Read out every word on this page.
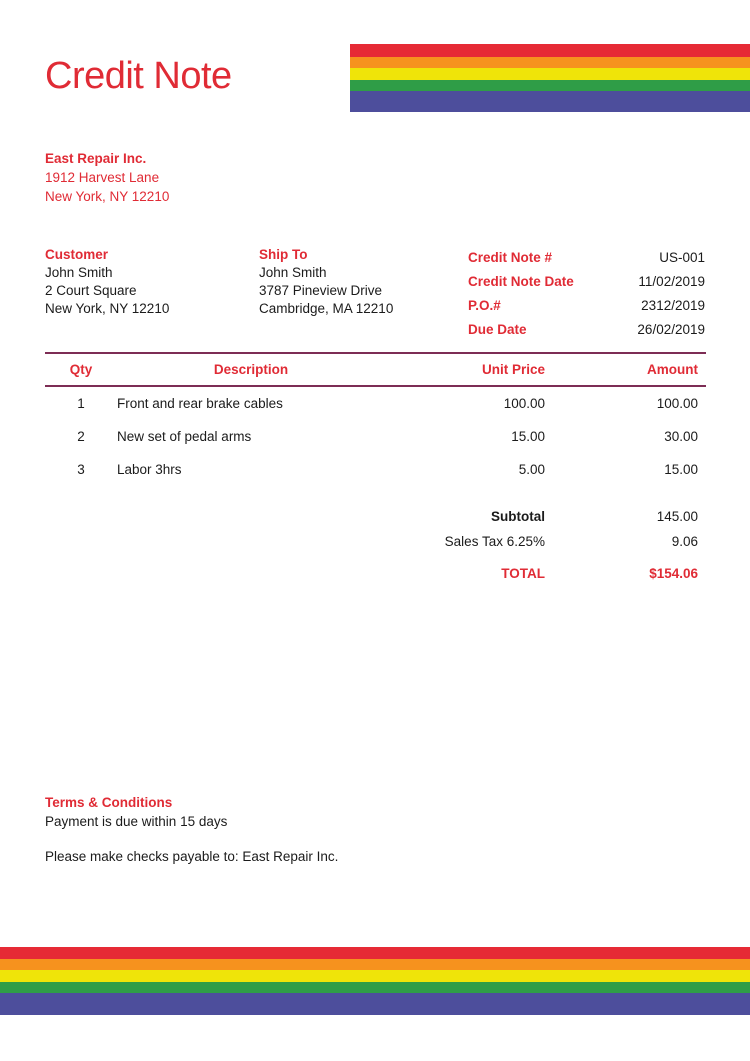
Credit Note
East Repair Inc.
1912 Harvest Lane
New York, NY 12210
Customer
John Smith
2 Court Square
New York, NY 12210
Ship To
John Smith
3787 Pineview Drive
Cambridge, MA 12210
Credit Note #	US-001
Credit Note Date	11/02/2019
P.O.#	2312/2019
Due Date	26/02/2019
Qty	Description	Unit Price	Amount
1	Front and rear brake cables	100.00	100.00
2	New set of pedal arms	15.00	30.00
3	Labor 3hrs	5.00	15.00
Subtotal	145.00
Sales Tax 6.25%	9.06
TOTAL	$154.06
Terms & Conditions
Payment is due within 15 days
Please make checks payable to: East Repair Inc.
